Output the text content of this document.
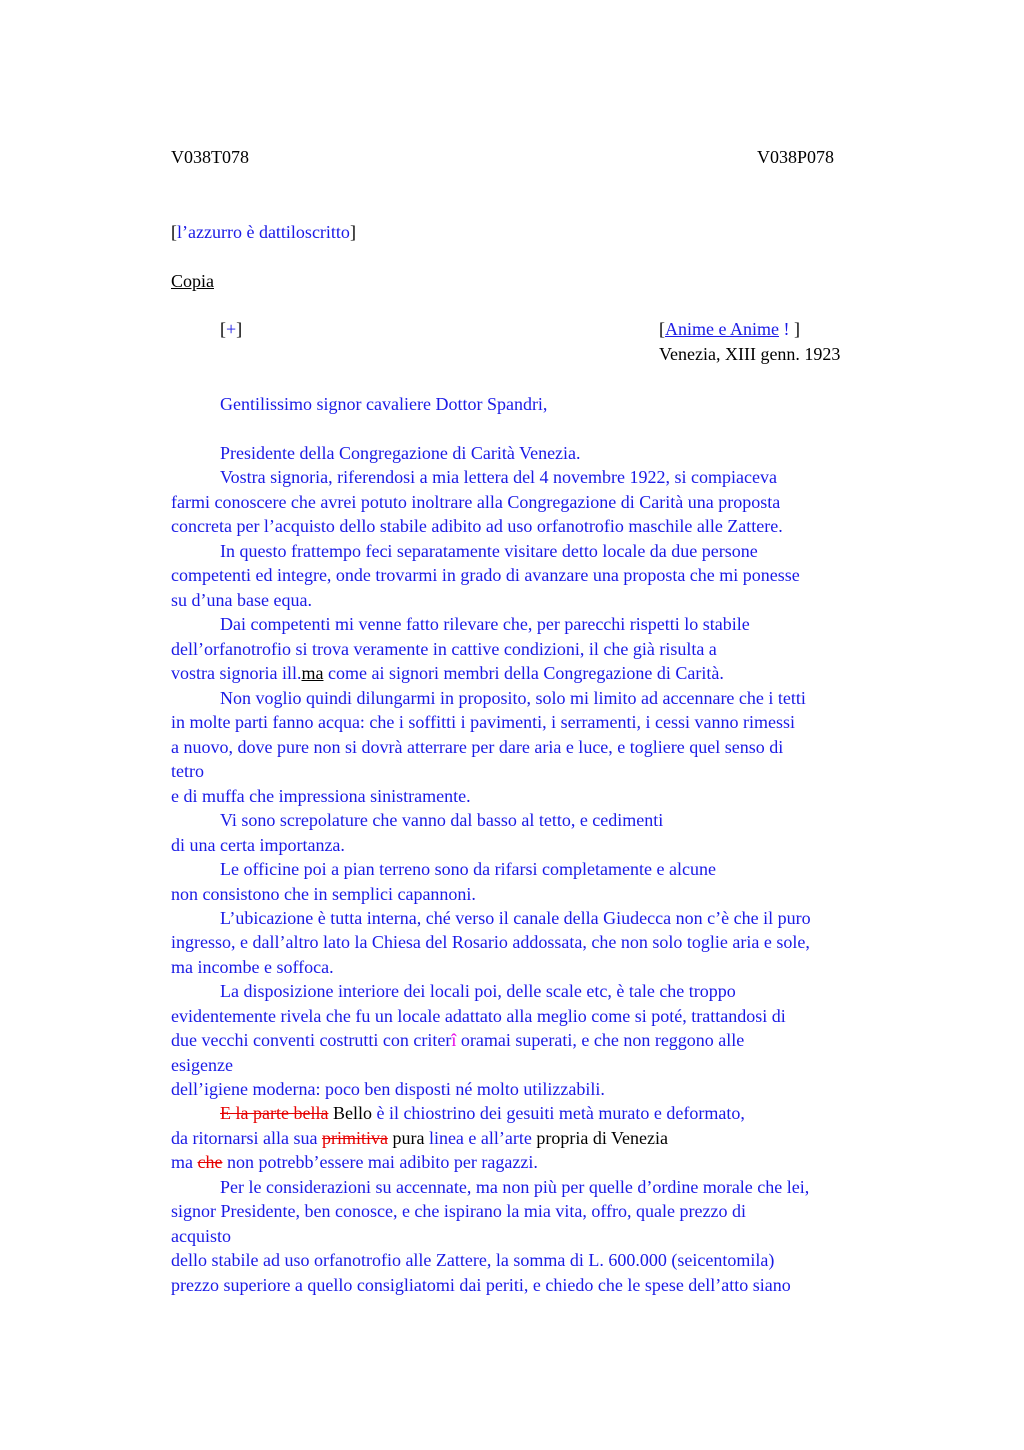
V038T078	V038P078
[l’azzurro è dattiloscritto]
Copia
[+]	[Anime e Anime ! ]
Venezia, XIII genn. 1923
Gentilissimo signor cavaliere Dottor Spandri,
Presidente della Congregazione di Carità Venezia.
Vostra signoria, riferendosi a mia lettera del 4 novembre 1922, si compiaceva
farmi conoscere che avrei potuto inoltrare alla Congregazione di Carità una proposta
concreta per l’acquisto dello stabile adibito ad uso orfanotrofio maschile alle Zattere.
In questo frattempo feci separatamente visitare detto locale da due persone
competenti ed integre, onde trovarmi in grado di avanzare una proposta che mi ponesse
su d’una base equa.
Dai competenti mi venne fatto rilevare che, per parecchi rispetti lo stabile
dell’orfanotrofio si trova veramente in cattive condizioni, il che già risulta a
vostra signoria ill.ma come ai signori membri della Congregazione di Carità.
Non voglio quindi dilungarmi in proposito, solo mi limito ad accennare che i tetti
in molte parti fanno acqua: che i soffitti i pavimenti, i serramenti, i cessi vanno rimessi
a nuovo, dove pure non si dovrà atterrare per dare aria e luce, e togliere quel senso di
tetro
e di muffa che impressiona sinistramente.
Vi sono screpolature che vanno dal basso al tetto, e cedimenti
di una certa importanza.
Le officine poi a pian terreno sono da rifarsi completamente e alcune
non consistono che in semplici capannoni.
L’ubicazione è tutta interna, ché verso il canale della Giudecca non c’è che il puro
ingresso, e dall’altro lato la Chiesa del Rosario addossata, che non solo toglie aria e sole,
ma incombe e soffoca.
La disposizione interiore dei locali poi, delle scale etc, è tale che troppo
evidentemente rivela che fu un locale adattato alla meglio come si poté, trattandosi di
due vecchi conventi costrutti con criterî oramai superati, e che non reggono alle
esigenze
dell’igiene moderna: poco ben disposti né molto utilizzabili.
E la parte bella Bello è il chiostrino dei gesuiti metà murato e deformato,
da ritornarsi alla sua primitiva pura linea e all’arte propria di Venezia
ma che non potrebb’essere mai adibito per ragazzi.
Per le considerazioni su accennate, ma non più per quelle d’ordine morale che lei,
signor Presidente, ben conosce, e che ispirano la mia vita, offro, quale prezzo di
acquisto
dello stabile ad uso orfanotrofio alle Zattere, la somma di L. 600.000 (seicentomila)
prezzo superiore a quello consigliatomi dai periti, e chiedo che le spese dell’atto siano
